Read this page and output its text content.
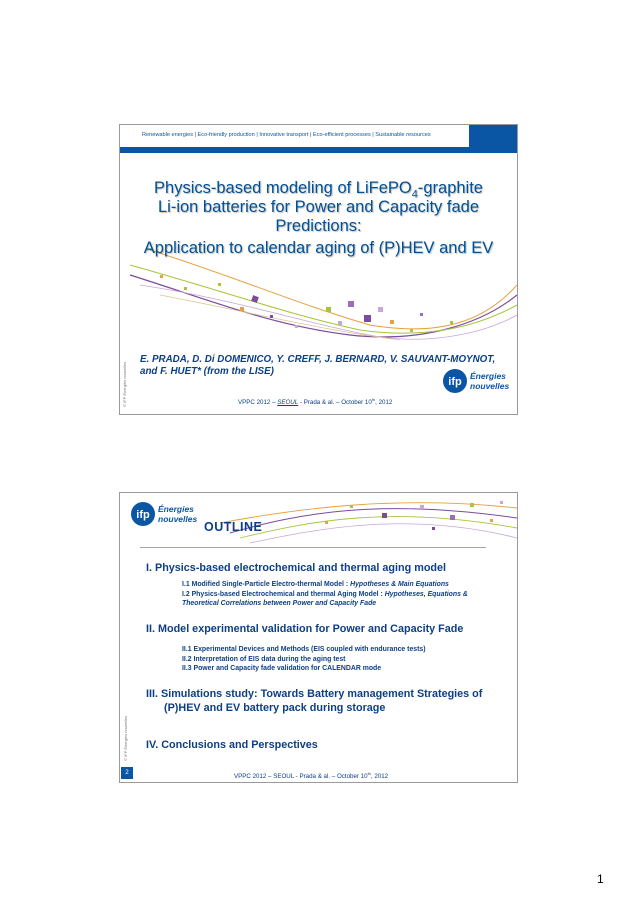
Renewable energies | Eco-friendly production | Innovative transport | Eco-efficient processes | Sustainable resources
Physics-based modeling of LiFePO$_4$-graphite
Li-ion batteries for Power and Capacity fade
Predictions:
Application to calendar aging of (P)HEV and EV
E. PRADA, D. Di DOMENICO, Y. CREFF, J. BERNARD, V. SAUVANT-MOYNOT,
and F. HUET* (from the LISE)
ifp Énergies
nouvelles
VPPC 2012 – SEOUL - Prada & al. – October 10th, 2012
© IFP Énergies nouvelles
ifp Énergies
nouvelles
OUTLINE
I. Physics-based electrochemical and thermal aging model
I.1 Modified Single-Particle Electro-thermal Model : Hypotheses & Main Equations
I.2 Physics-based Electrochemical and thermal Aging Model : Hypotheses, Equations &
Theoretical Correlations between Power and Capacity Fade
II. Model experimental validation for Power and Capacity Fade
II.1 Experimental Devices and Methods (EIS coupled with endurance tests)
II.2 Interpretation of EIS data during the aging test
II.3 Power and Capacity fade validation for CALENDAR mode
III. Simulations study: Towards Battery management Strategies of
(P)HEV and EV battery pack during storage
IV. Conclusions and Perspectives
VPPC 2012 – SEOUL - Prada & al. – October 10th, 2012
2
© IFP Énergies nouvelles
1
